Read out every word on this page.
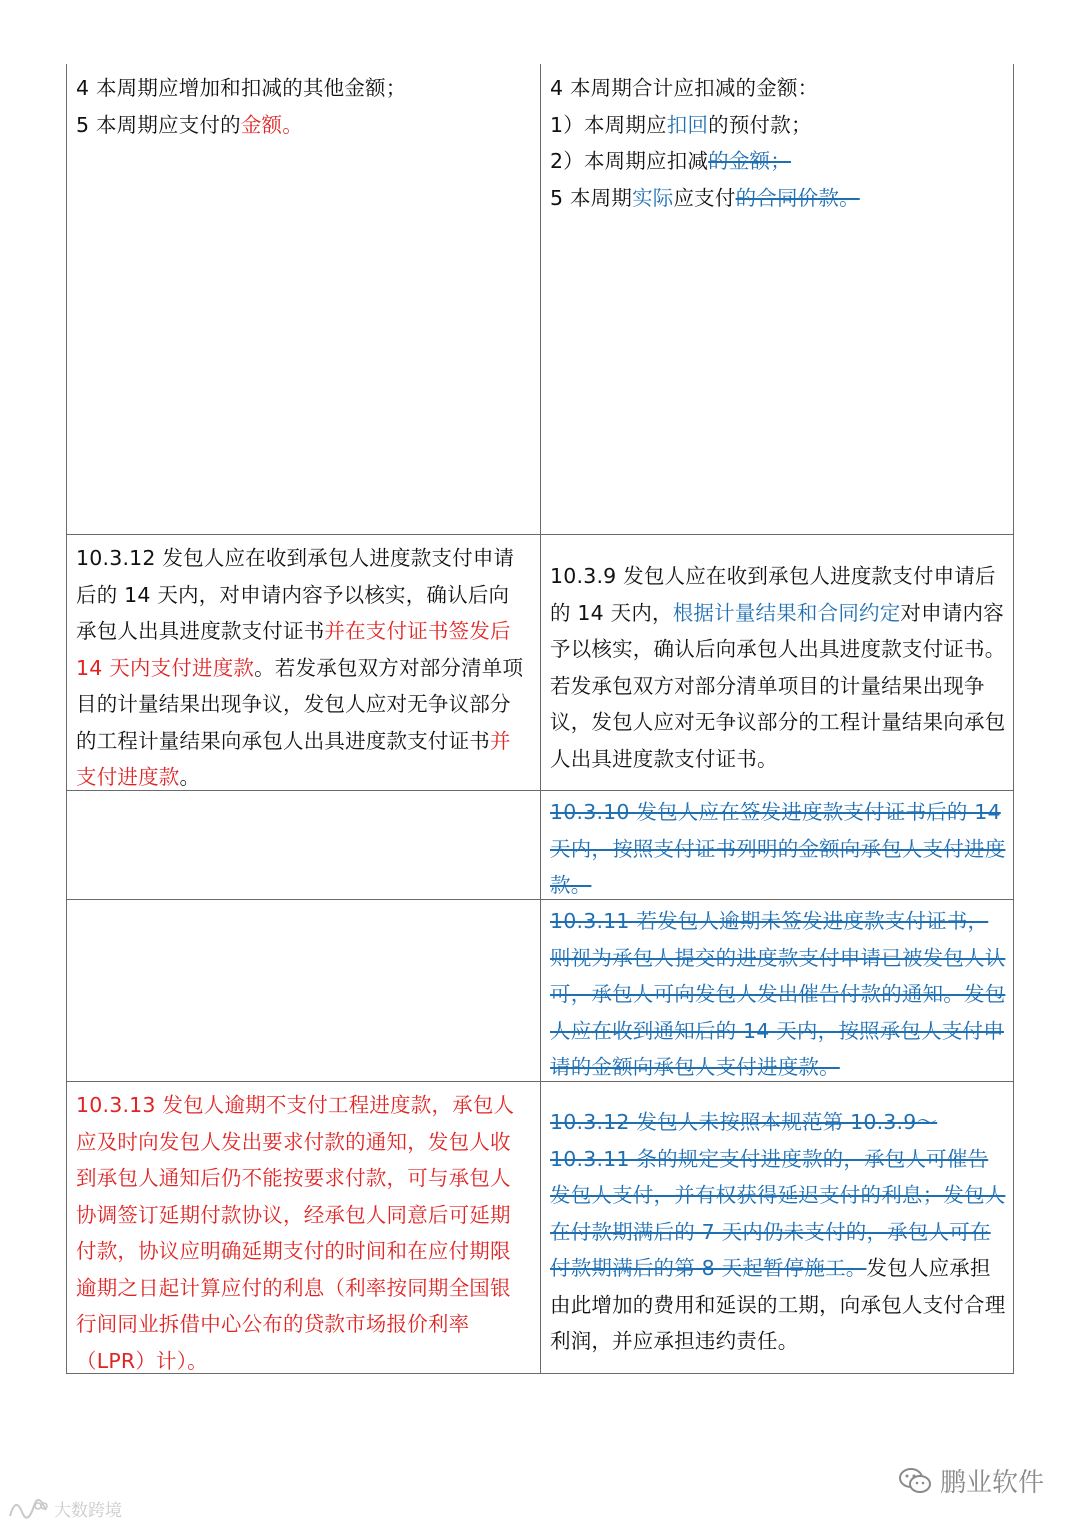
4 本周期应增加和扣减的其他金额；

5 本周期应支付的金额。

4 本周期合计应扣减的金额：

1）本周期应扣回的预付款；

2）本周期应扣减的金额；

5 本周期实际应支付的合同价款。

10.3.12 发包人应在收到承包人进度款支付申请后的 14 天内，对申请内容予以核实，确认后向承包人出具进度款支付证书并在支付证书签发后 14 天内支付进度款。若发承包双方对部分清单项目的计量结果出现争议，发包人应对无争议部分的工程计量结果向承包人出具进度款支付证书并支付进度款。

10.3.9 发包人应在收到承包人进度款支付申请后的 14 天内，根据计量结果和合同约定对申请内容予以核实，确认后向承包人出具进度款支付证书。若发承包双方对部分清单项目的计量结果出现争议，发包人应对无争议部分的工程计量结果向承包人出具进度款支付证书。

10.3.10 发包人应在签发进度款支付证书后的 14 天内，按照支付证书列明的金额向承包人支付进度款。

10.3.11 若发包人逾期未签发进度款支付证书，则视为承包人提交的进度款支付申请已被发包人认可，承包人可向发包人发出催告付款的通知。发包人应在收到通知后的 14 天内，按照承包人支付申请的金额向承包人支付进度款。

10.3.13 发包人逾期不支付工程进度款，承包人应及时向发包人发出要求付款的通知，发包人收到承包人通知后仍不能按要求付款，可与承包人协调签订延期付款协议，经承包人同意后可延期付款，协议应明确延期支付的时间和在应付期限逾期之日起计算应付的利息（利率按同期全国银行间同业拆借中心公布的贷款市场报价利率（LPR）计）。

10.3.12 发包人未按照本规范第 10.3.9～10.3.11 条的规定支付进度款的，承包人可催告发包人支付，并有权获得延迟支付的利息；发包人在付款期满后的 7 天内仍未支付的，承包人可在付款期满后的第 8 天起暂停施工。发包人应承担由此增加的费用和延误的工期，向承包人支付合理利润，并应承担违约责任。

鹏业软件
大数跨境
